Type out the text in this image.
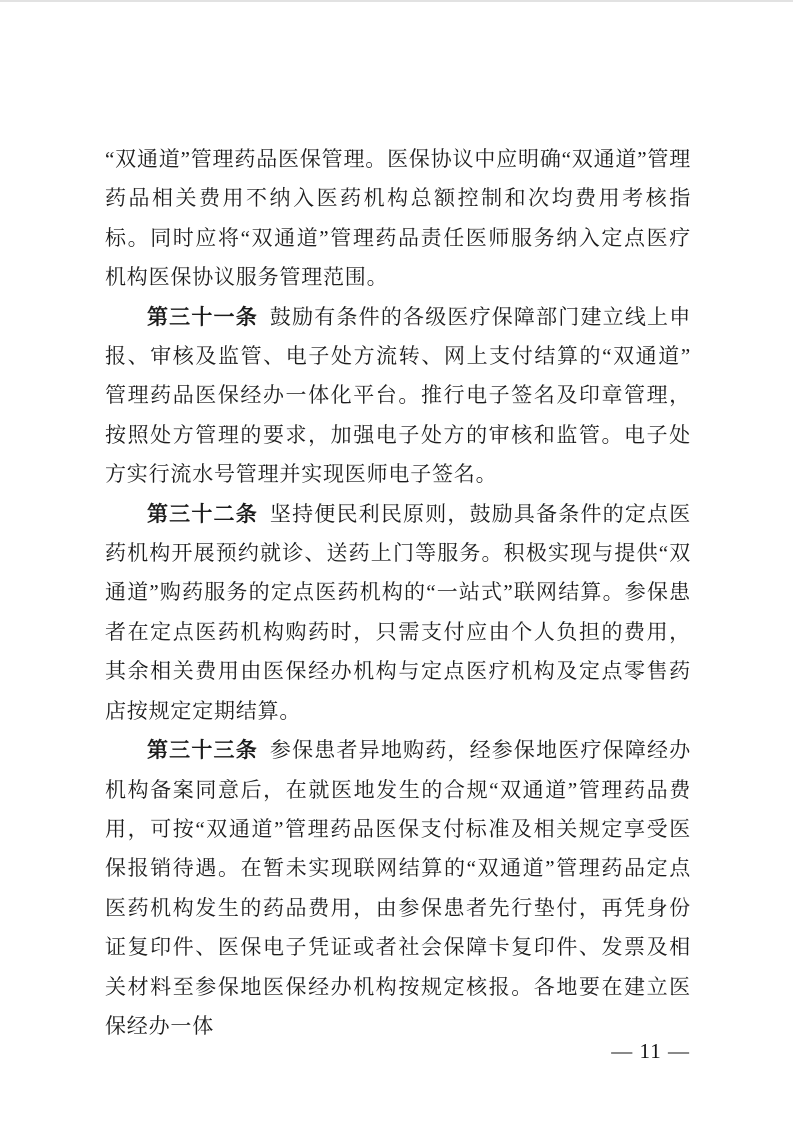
“双通道”管理药品医保管理。医保协议中应明确“双通道”管理药品相关费用不纳入医药机构总额控制和次均费用考核指标。同时应将“双通道”管理药品责任医师服务纳入定点医疗机构医保协议服务管理范围。

第三十一条 鼓励有条件的各级医疗保障部门建立线上申报、审核及监管、电子处方流转、网上支付结算的“双通道”管理药品医保经办一体化平台。推行电子签名及印章管理，按照处方管理的要求，加强电子处方的审核和监管。电子处方实行流水号管理并实现医师电子签名。

第三十二条 坚持便民利民原则，鼓励具备条件的定点医药机构开展预约就诊、送药上门等服务。积极实现与提供“双通道”购药服务的定点医药机构的“一站式”联网结算。参保患者在定点医药机构购药时，只需支付应由个人负担的费用，其余相关费用由医保经办机构与定点医疗机构及定点零售药店按规定定期结算。

第三十三条 参保患者异地购药，经参保地医疗保障经办机构备案同意后，在就医地发生的合规“双通道”管理药品费用，可按“双通道”管理药品医保支付标准及相关规定享受医保报销待遇。在暂未实现联网结算的“双通道”管理药品定点医药机构发生的药品费用，由参保患者先行垫付，再凭身份证复印件、医保电子凭证或者社会保障卡复印件、发票及相关材料至参保地医保经办机构按规定核报。各地要在建立医保经办一体

— 11 —
